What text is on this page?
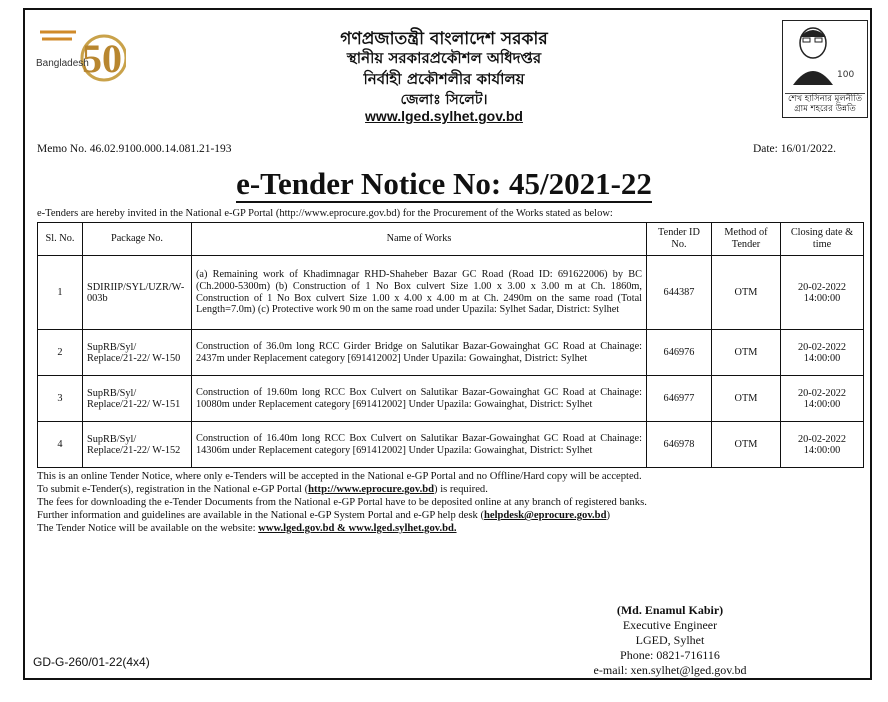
50
Bangladesh
100
শেখ হাসিনার মূলনীতি গ্রাম শহরের উন্নতি
গণপ্রজাতন্ত্রী বাংলাদেশ সরকার
স্থানীয় সরকারপ্রকৌশল অধিদপ্তর
নির্বাহী প্রকৌশলীর কার্যালয়
জেলাঃ সিলেট।
www.lged.sylhet.gov.bd
Memo No. 46.02.9100.000.14.081.21-193	Date: 16/01/2022.
e-Tender Notice No: 45/2021-22
e-Tenders are hereby invited in the National e-GP Portal (http://www.eprocure.gov.bd) for the Procurement of the Works stated as below:
Sl. No.	Package No.	Name of Works	Tender ID No.	Method of Tender	Closing date & time
1	SDIRIIP/SYL/UZR/W-003b	(a) Remaining work of Khadimnagar RHD-Shaheber Bazar GC Road (Road ID: 691622006) by BC (Ch.2000-5300m) (b) Construction of 1 No Box culvert Size 1.00 x 3.00 x 3.00 m at Ch. 1860m, Construction of 1 No Box culvert Size 1.00 x 4.00 x 4.00 m at Ch. 2490m on the same road (Total Length=7.0m) (c) Protective work 90 m on the same road under Upazila: Sylhet Sadar, District: Sylhet	644387	OTM	20-02-2022
14:00:00

2	SupRB/Syl/ Replace/21-22/ W-150	Construction of 36.0m long RCC Girder Bridge on Salutikar Bazar-Gowainghat GC Road at Chainage: 2437m under Replacement category [691412002] Under Upazila: Gowainghat, District: Sylhet	646976	OTM	20-02-2022
14:00:00

3	SupRB/Syl/ Replace/21-22/ W-151	Construction of 19.60m long RCC Box Culvert on Salutikar Bazar-Gowainghat GC Road at Chainage: 10080m under Replacement category [691412002] Under Upazila: Gowainghat, District: Sylhet	646977	OTM	20-02-2022
14:00:00

4	SupRB/Syl/ Replace/21-22/ W-152	Construction of 16.40m long RCC Box Culvert on Salutikar Bazar-Gowainghat GC Road at Chainage: 14306m under Replacement category [691412002] Under Upazila: Gowainghat, District: Sylhet	646978	OTM	20-02-2022
14:00:00

This is an online Tender Notice, where only e-Tenders will be accepted in the National e-GP Portal and no Offline/Hard copy will be accepted.

To submit e-Tender(s), registration in the National e-GP Portal (http://www.eprocure.gov.bd) is required.

The fees for downloading the e-Tender Documents from the National e-GP Portal have to be deposited online at any branch of registered banks.

Further information and guidelines are available in the National e-GP System Portal and e-GP help desk (helpdesk@eprocure.gov.bd)

The Tender Notice will be available on the website: www.lged.gov.bd & www.lged.sylhet.gov.bd.

(Md. Enamul Kabir)
Executive Engineer
LGED, Sylhet
Phone: 0821-716116
e-mail: xen.sylhet@lged.gov.bd
GD-G-260/01-22(4x4)
